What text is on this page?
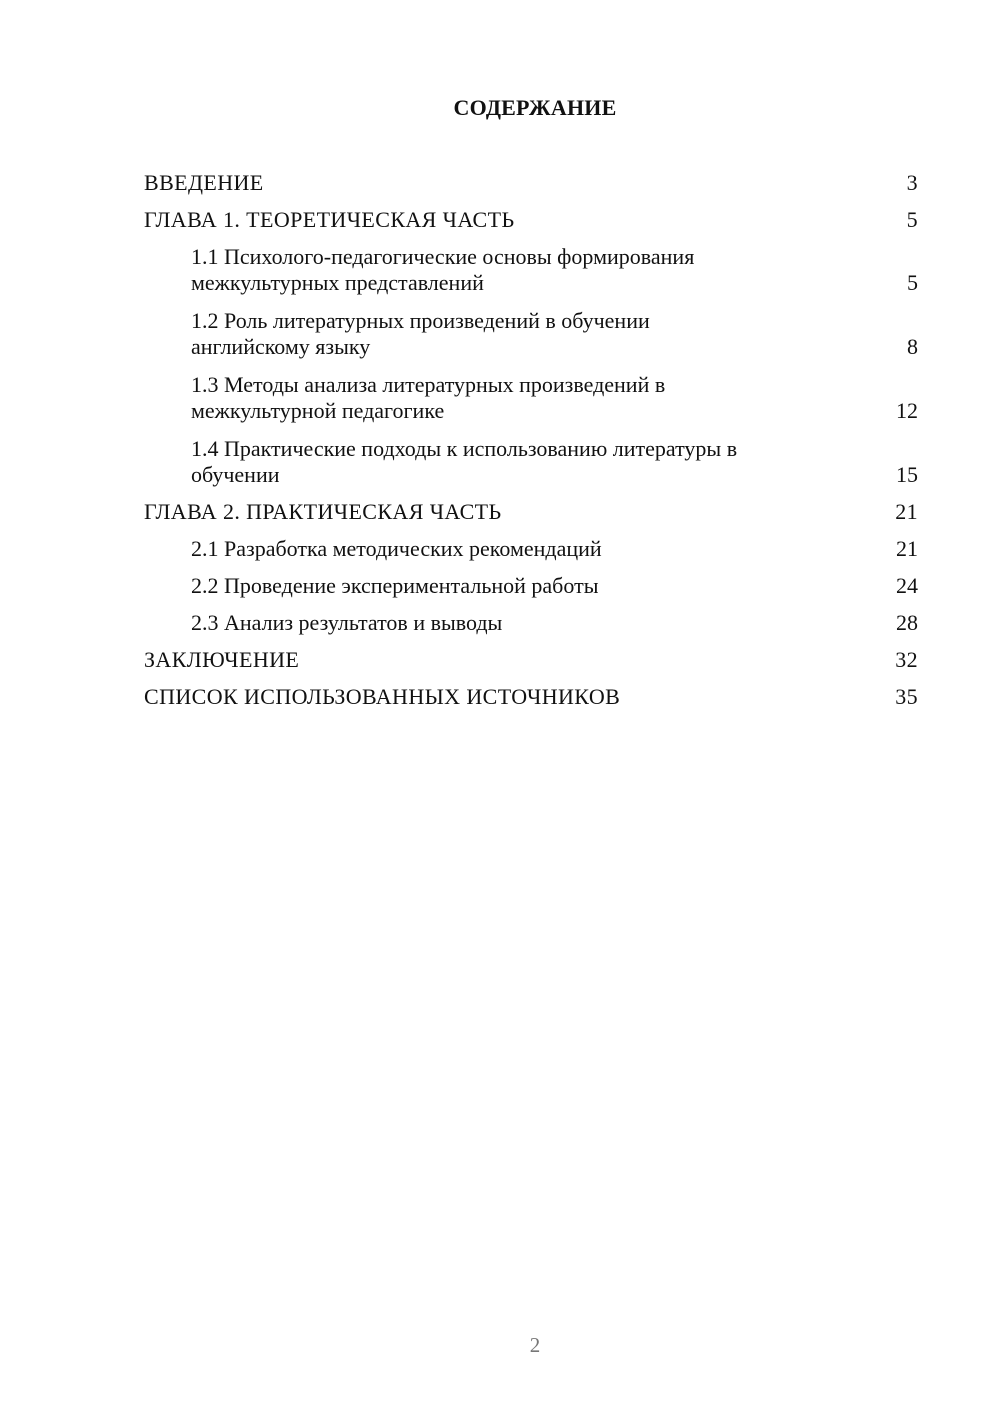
СОДЕРЖАНИЕ
ВВЕДЕНИЕ	3
ГЛАВА 1. ТЕОРЕТИЧЕСКАЯ ЧАСТЬ	5
1.1 Психолого-педагогические основы формирования
межкультурных представлений	5
1.2 Роль литературных произведений в обучении
английскому языку	8
1.3 Методы анализа литературных произведений в
межкультурной педагогике	12
1.4 Практические подходы к использованию литературы в
обучении	15
ГЛАВА 2. ПРАКТИЧЕСКАЯ ЧАСТЬ	21
2.1 Разработка методических рекомендаций	21
2.2 Проведение экспериментальной работы	24
2.3 Анализ результатов и выводы	28
ЗАКЛЮЧЕНИЕ	32
СПИСОК ИСПОЛЬЗОВАННЫХ ИСТОЧНИКОВ	35
2
